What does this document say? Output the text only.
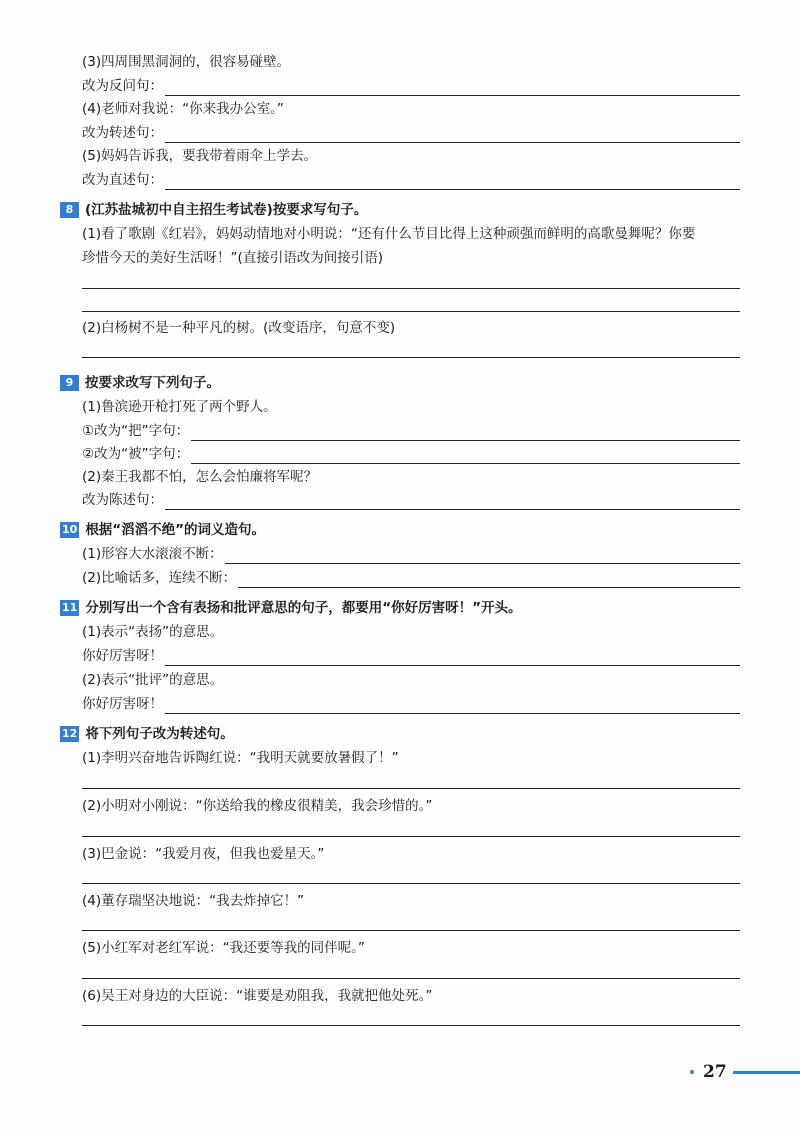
(3)四周围黑洞洞的，很容易碰壁。
改为反问句：
(4)老师对我说：“你来我办公室。”
改为转述句：
(5)妈妈告诉我，要我带着雨伞上学去。
改为直述句：
8 (江苏盐城初中自主招生考试卷)按要求写句子。
(1)看了歌剧《红岩》，妈妈动情地对小明说：“还有什么节目比得上这种顽强而鲜明的高歌曼舞呢？你要
珍惜今天的美好生活呀！”(直接引语改为间接引语)
(2)白杨树不是一种平凡的树。(改变语序，句意不变)
9 按要求改写下列句子。
(1)鲁滨逊开枪打死了两个野人。
①改为“把”字句：
②改为“被”字句：
(2)秦王我都不怕，怎么会怕廉将军呢？
改为陈述句：
10 根据“滔滔不绝”的词义造句。
(1)形容大水滚滚不断：
(2)比喻话多，连续不断：
11 分别写出一个含有表扬和批评意思的句子，都要用“你好厉害呀！”开头。
(1)表示“表扬”的意思。
你好厉害呀！
(2)表示“批评”的意思。
你好厉害呀！
12 将下列句子改为转述句。
(1)李明兴奋地告诉陶红说：“我明天就要放暑假了！”
(2)小明对小刚说：“你送给我的橡皮很精美，我会珍惜的。”
(3)巴金说：“我爱月夜，但我也爱星天。”
(4)董存瑞坚决地说：“我去炸掉它！”
(5)小红军对老红军说：“我还要等我的同伴呢。”
(6)吴王对身边的大臣说：“谁要是劝阻我，我就把他处死。”
27
